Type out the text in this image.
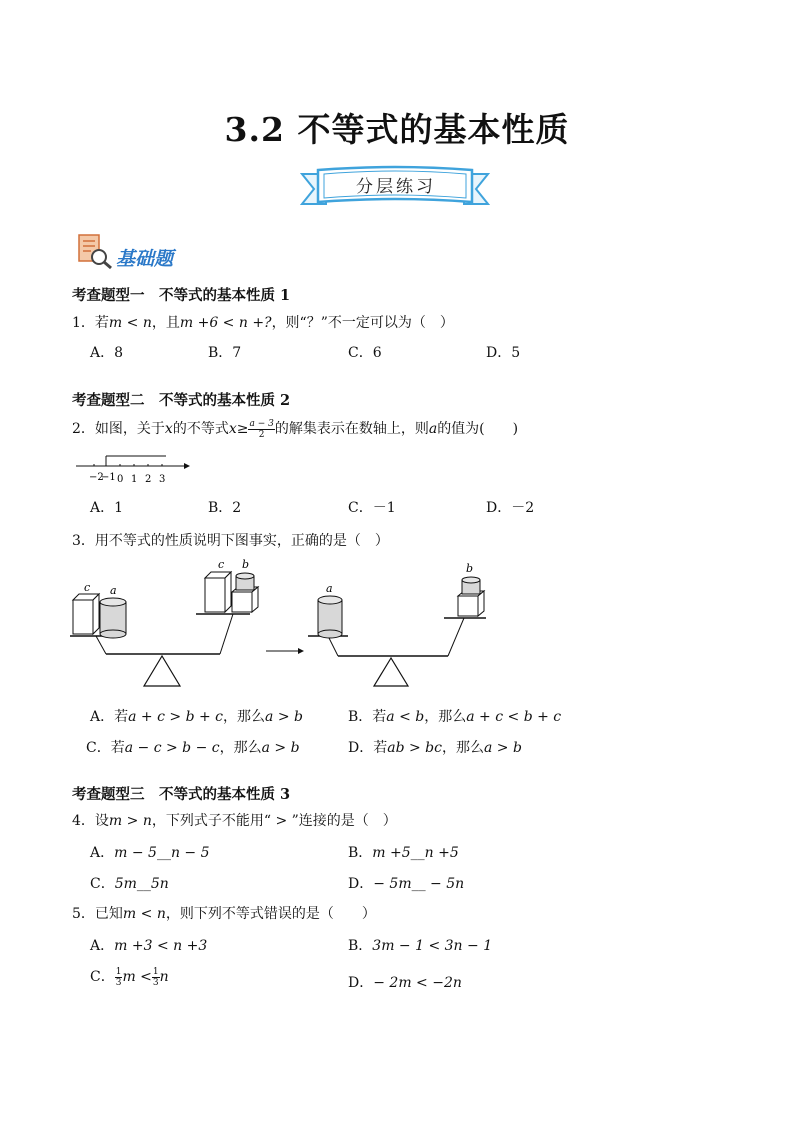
3.2 不等式的基本性质
分层练习
基础题
考查题型一　不等式的基本性质 1
1．若m < n，且m +6 < n +?，则“？”不一定可以为（　）
A．8	B．7	C．6	D．5
考查题型二　不等式的基本性质 2
2．如图，关于x的不等式$x\ge \frac{a - 3}{2}$ 的解集表示在数轴上，则a的值为(　　)
−2
−1 0 1 2 3
A．1	B．2	C．－1	D．－2
3．用不等式的性质说明下图事实，正确的是（　）
c a
c b
a
b
A．若a + c > b + c，那么a > b	B．若a < b，那么a + c < b + c
C．若a − c > b − c，那么a > b	D．若ab > bc，那么a > b
考查题型三　不等式的基本性质 3
4．设m > n，下列式子不能用“ > ”连接的是（　）
A．m − 5__n − 5	B．m +5__n +5
C．5m__5n	D．− 5m__ − 5n
5．已知m < n，则下列不等式错误的是（　　）
A．m +3 < n +3	B．3m − 1 < 3n − 1
C． $\frac{1}{3}$ $m < \frac{1}{3}$ n	D．− 2m < −2n
